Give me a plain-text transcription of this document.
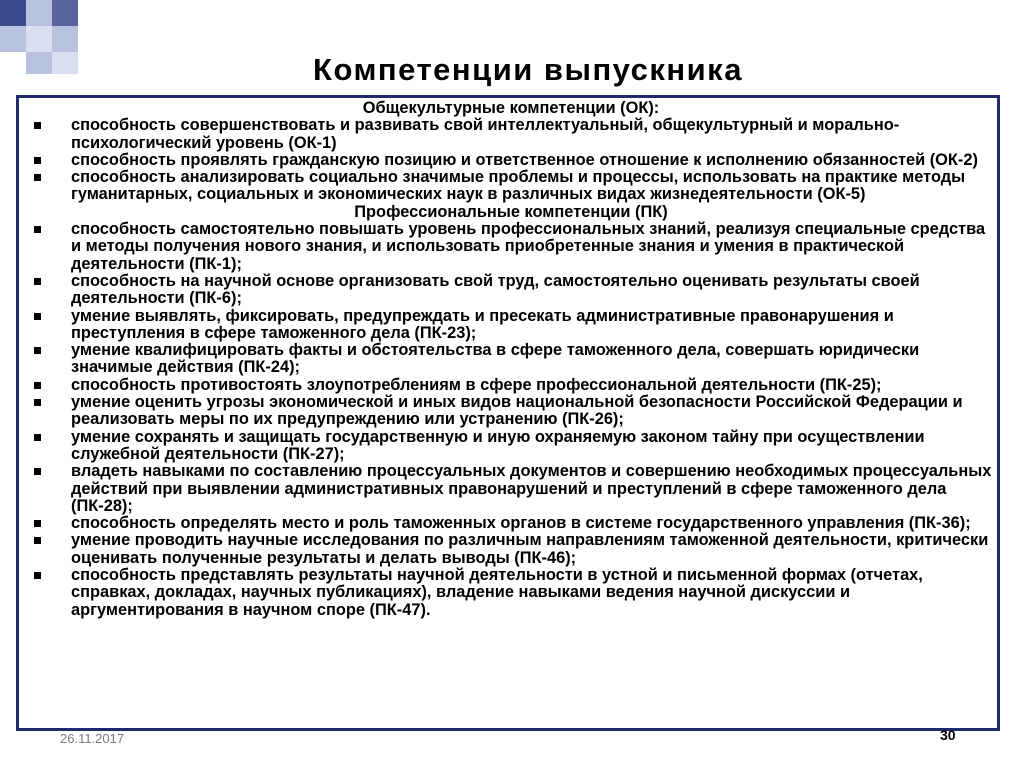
Компетенции выпускника
Общекультурные компетенции (ОК):
способность совершенствовать и развивать свой интеллектуальный, общекультурный и морально-психологический уровень (ОК-1)
способность проявлять гражданскую позицию и ответственное отношение к исполнению обязанностей (ОК-2)
способность анализировать социально значимые проблемы и процессы, использовать на практике методы гуманитарных, социальных и экономических наук в различных видах жизнедеятельности (ОК-5)
Профессиональные компетенции (ПК)
способность самостоятельно повышать уровень профессиональных знаний, реализуя специальные средства и методы получения нового знания, и использовать приобретенные знания и умения в практической деятельности (ПК-1);
способность на научной основе организовать свой труд, самостоятельно оценивать результаты своей деятельности (ПК-6);
умение выявлять, фиксировать, предупреждать и пресекать административные правонарушения и преступления в сфере таможенного дела (ПК-23);
умение квалифицировать факты и обстоятельства в сфере таможенного дела, совершать юридически значимые действия (ПК-24);
способность противостоять злоупотреблениям в сфере профессиональной деятельности (ПК-25);
умение оценить угрозы экономической и иных видов национальной безопасности Российской Федерации и реализовать меры по их предупреждению или устранению (ПК-26);
умение сохранять и защищать государственную и иную охраняемую законом тайну при осуществлении служебной деятельности (ПК-27);
владеть навыками по составлению процессуальных документов и совершению необходимых процессуальных действий при выявлении административных правонарушений и преступлений в сфере таможенного дела (ПК-28);
способность определять место и роль таможенных органов в системе государственного управления (ПК-36);
умение проводить научные исследования по различным направлениям таможенной деятельности, критически оценивать полученные результаты и делать выводы (ПК-46);
способность представлять результаты научной деятельности в устной и письменной формах (отчетах, справках, докладах, научных публикациях), владение навыками ведения научной дискуссии и аргументирования в научном споре (ПК-47).
26.11.2017	30
